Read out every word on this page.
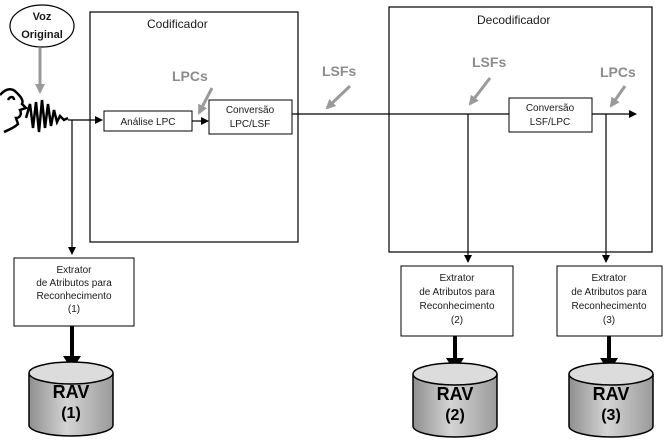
Voz
Original
Codificador
Análise LPC
Conversão
LPC/LSF
LPCs	LSFs
Decodificador
LSFs
Conversão
LSF/LPC
LPCs
Extrator
de Atributos para
Reconhecimento
(1)
Extrator
de Atributos para
Reconhecimento
(2)
Extrator
de Atributos para
Reconhecimento
(3)
RAV
(1)
RAV
(2)
RAV
(3)
